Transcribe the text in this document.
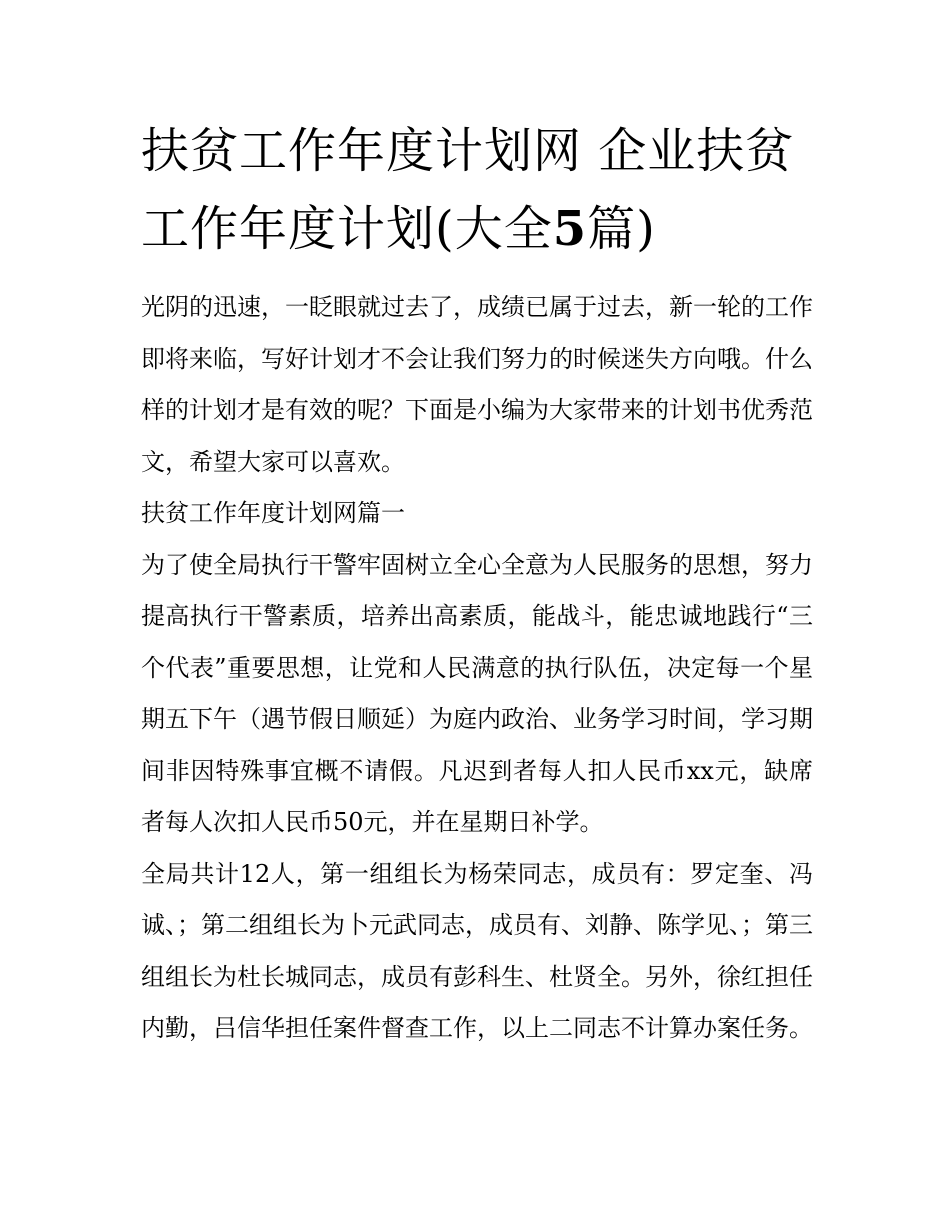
扶贫工作年度计划网 企业扶贫工作年度计划(大全5篇)

光阴的迅速，一眨眼就过去了，成绩已属于过去，新一轮的工作即将来临，写好计划才不会让我们努力的时候迷失方向哦。什么样的计划才是有效的呢？下面是小编为大家带来的计划书优秀范文，希望大家可以喜欢。

扶贫工作年度计划网篇一

为了使全局执行干警牢固树立全心全意为人民服务的思想，努力提高执行干警素质，培养出高素质，能战斗，能忠诚地践行“三个代表”重要思想，让党和人民满意的执行队伍，决定每一个星期五下午（遇节假日顺延）为庭内政治、业务学习时间，学习期间非因特殊事宜概不请假。凡迟到者每人扣人民币xx元，缺席者每人次扣人民币50元，并在星期日补学。

全局共计12人，第一组组长为杨荣同志，成员有：罗定奎、冯诚、；第二组组长为卜元武同志，成员有、刘静、陈学见、；第三组组长为杜长城同志，成员有彭科生、杜贤全。另外，徐红担任内勤，吕信华担任案件督查工作，以上二同志不计算办案任务。
